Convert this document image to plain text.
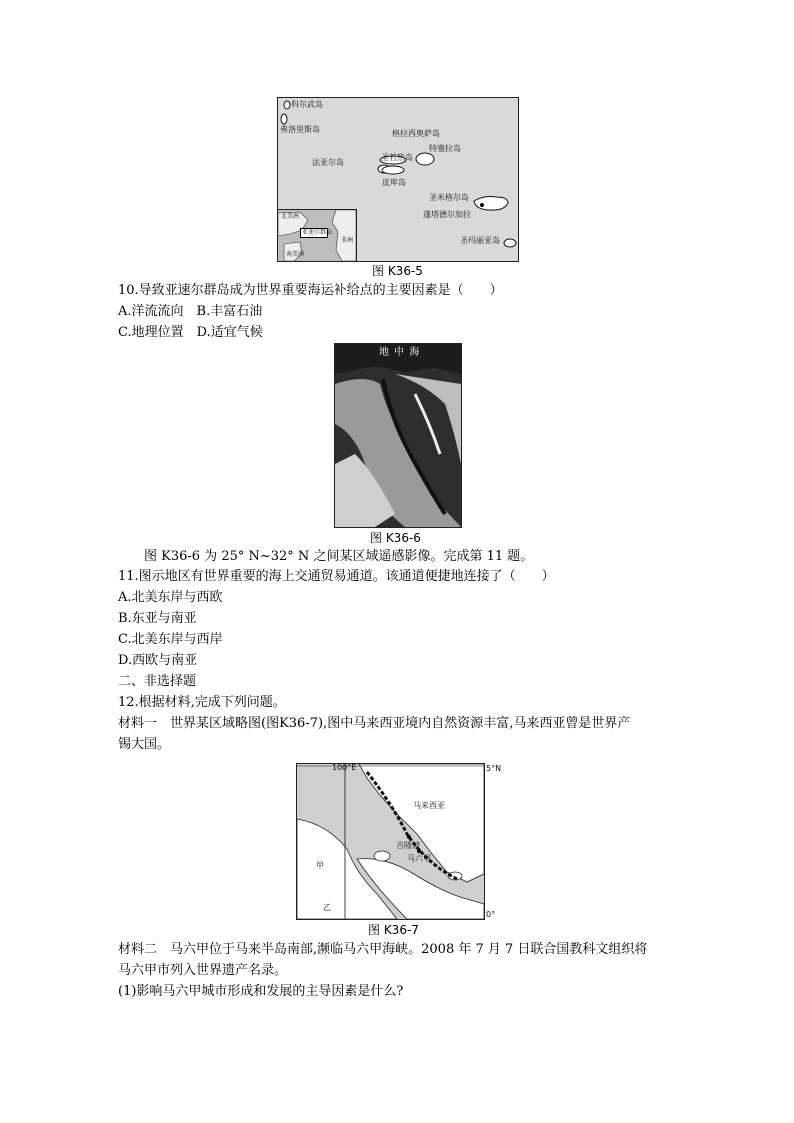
科尔武岛
弗洛里斯岛	格拉西奥萨岛
圣若热岛
特塞拉岛
法亚尔岛
皮库岛
圣米格尔岛
蓬塔德尔加拉
圣玛丽亚岛
北美洲
亚速尔群岛
非洲
南美洲
图 K36-5
10.导致亚速尔群岛成为世界重要海运补给点的主要因素是（　　）
A.洋流流向　B.丰富石油
C.地理位置　D.适宜气候
地 中 海
图 K36-6
　　图 K36-6 为 25° N~32° N 之间某区域遥感影像。完成第 11 题。
11.图示地区有世界重要的海上交通贸易通道。该通道便捷地连接了（　　）
A.北美东岸与西欧
B.东亚与南亚
C.北美东岸与西岸
D.西欧与南亚
二、非选择题
12.根据材料,完成下列问题。
材料一　世界某区域略图(图K36-7),图中马来西亚境内自然资源丰富,马来西亚曾是世界产
锡大国。
100°E
马来西亚
吉隆坡
马六甲
甲
乙
5°N
0°
图 K36-7
材料二　马六甲位于马来半岛南部,濒临马六甲海峡。2008 年 7 月 7 日联合国教科文组织将
马六甲市列入世界遗产名录。
(1)影响马六甲城市形成和发展的主导因素是什么?
